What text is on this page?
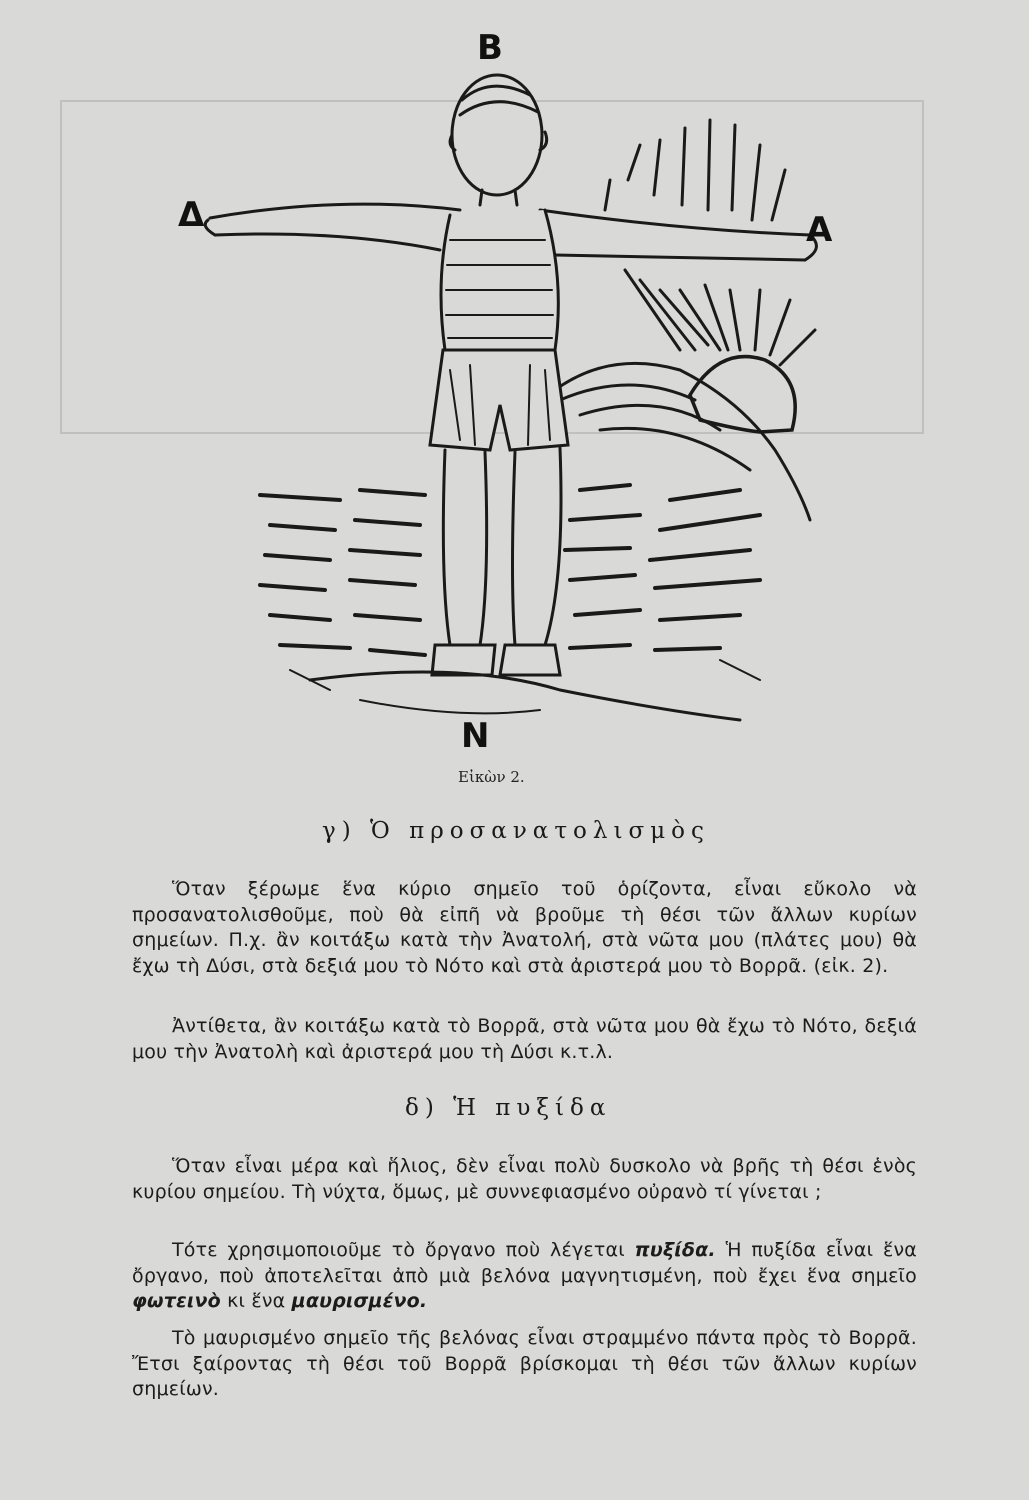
Β
Δ	Α
Ν
Εἰκὼν 2.
γ) Ὁ προσανατολισμὸς
Ὅταν ξέρωμε ἕνα κύριο σημεῖο τοῦ ὁρίζοντα, εἶναι εὔκολο νὰ προσανατολισθοῦμε, ποὺ θὰ εἰπῆ νὰ βροῦμε τὴ θέσι τῶν ἄλλων κυρίων σημείων. Π.χ. ἂν κοιτάξω κατὰ τὴν Ἀνατολή, στὰ νῶτα μου (πλάτες μου) θὰ ἔχω τὴ Δύσι, στὰ δεξιά μου τὸ Νότο καὶ στὰ ἀριστερά μου τὸ Βορρᾶ. (εἰκ. 2).
Ἀντίθετα, ἂν κοιτάξω κατὰ τὸ Βορρᾶ, στὰ νῶτα μου θὰ ἔχω τὸ Νότο, δεξιά μου τὴν Ἀνατολὴ καὶ ἀριστερά μου τὴ Δύσι κ.τ.λ.
δ) Ἡ πυξίδα
Ὅταν εἶναι μέρα καὶ ἥλιος, δὲν εἶναι πολὺ δυσκολο νὰ βρῆς τὴ θέσι ἑνὸς κυρίου σημείου. Τὴ νύχτα, ὅμως, μὲ συννεφιασμένο οὐρανὸ τί γίνεται ;
Τότε χρησιμοποιοῦμε τὸ ὄργανο ποὺ λέγεται πυξίδα. Ἡ πυξίδα εἶναι ἕνα ὄργανο, ποὺ ἀποτελεῖται ἀπὸ μιὰ βελόνα μαγνητισμένη, ποὺ ἔχει ἕνα σημεῖο φωτεινὸ κι ἕνα μαυρισμένο.
Τὸ μαυρισμένο σημεῖο τῆς βελόνας εἶναι στραμμένο πάντα πρὸς τὸ Βορρᾶ. Ἔτσι ξαίροντας τὴ θέσι τοῦ Βορρᾶ βρίσκομαι τὴ θέσι τῶν ἄλλων κυρίων σημείων.
